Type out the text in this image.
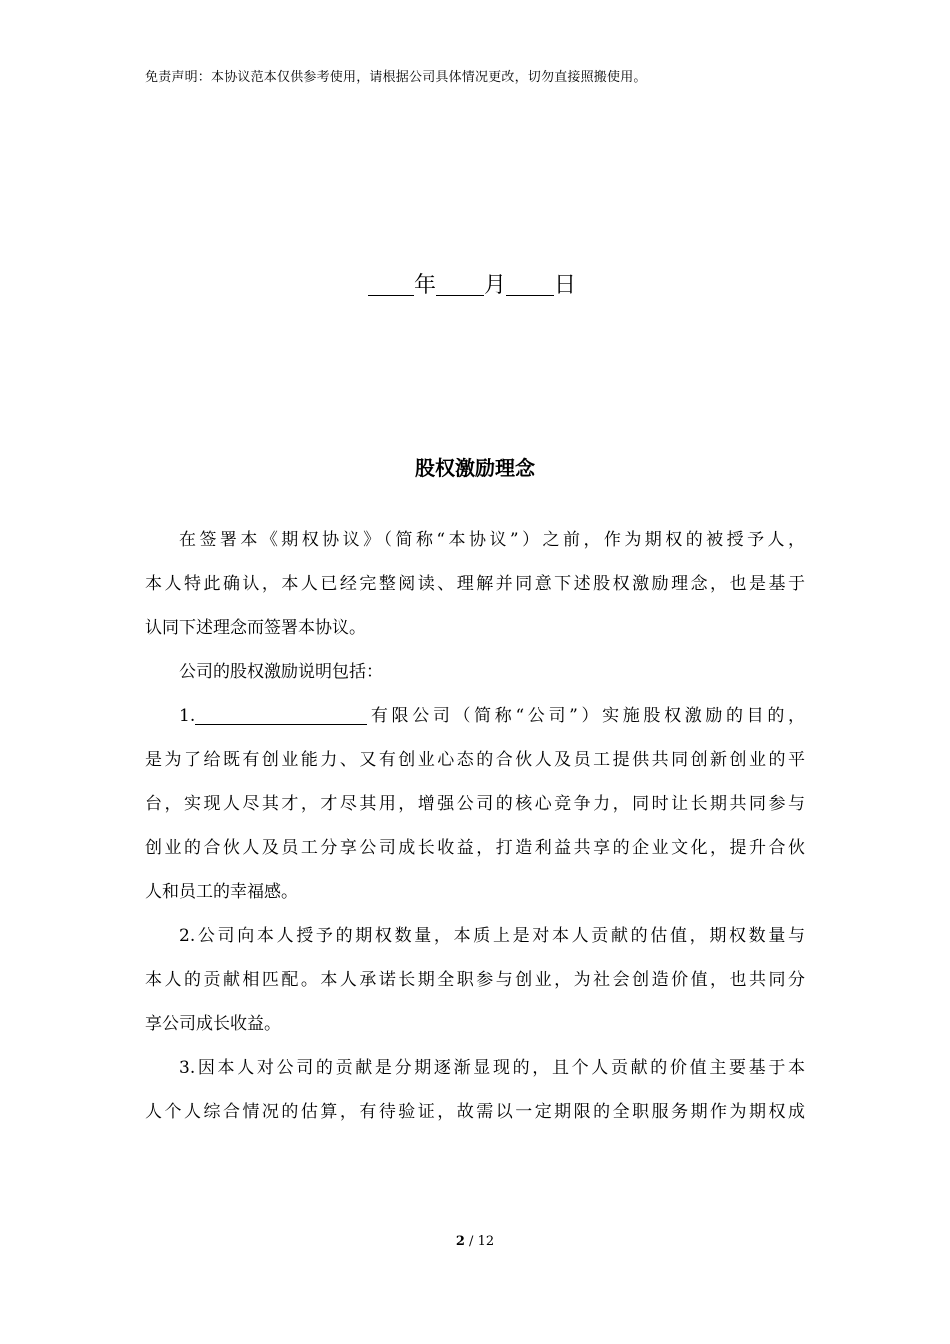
免责声明：本协议范本仅供参考使用，请根据公司具体情况更改，切勿直接照搬使用。
年 月 日
股权激励理念
在签署本《期权协议》（简称“本协议”）之前，作为期权的被授予人，
本人特此确认，本人已经完整阅读、理解并同意下述股权激励理念，也是基于
认同下述理念而签署本协议。
公司的股权激励说明包括：
1.	有限公司（简称“公司”）实施股权激励的目的，
是为了给既有创业能力、又有创业心态的合伙人及员工提供共同创新创业的平
台，实现人尽其才，才尽其用，增强公司的核心竞争力，同时让长期共同参与
创业的合伙人及员工分享公司成长收益，打造利益共享的企业文化，提升合伙
人和员工的幸福感。
2.公司向本人授予的期权数量，本质上是对本人贡献的估值，期权数量与
本人的贡献相匹配。本人承诺长期全职参与创业，为社会创造价值，也共同分
享公司成长收益。
3.因本人对公司的贡献是分期逐渐显现的，且个人贡献的价值主要基于本
人个人综合情况的估算，有待验证，故需以一定期限的全职服务期作为期权成
2 / 12
